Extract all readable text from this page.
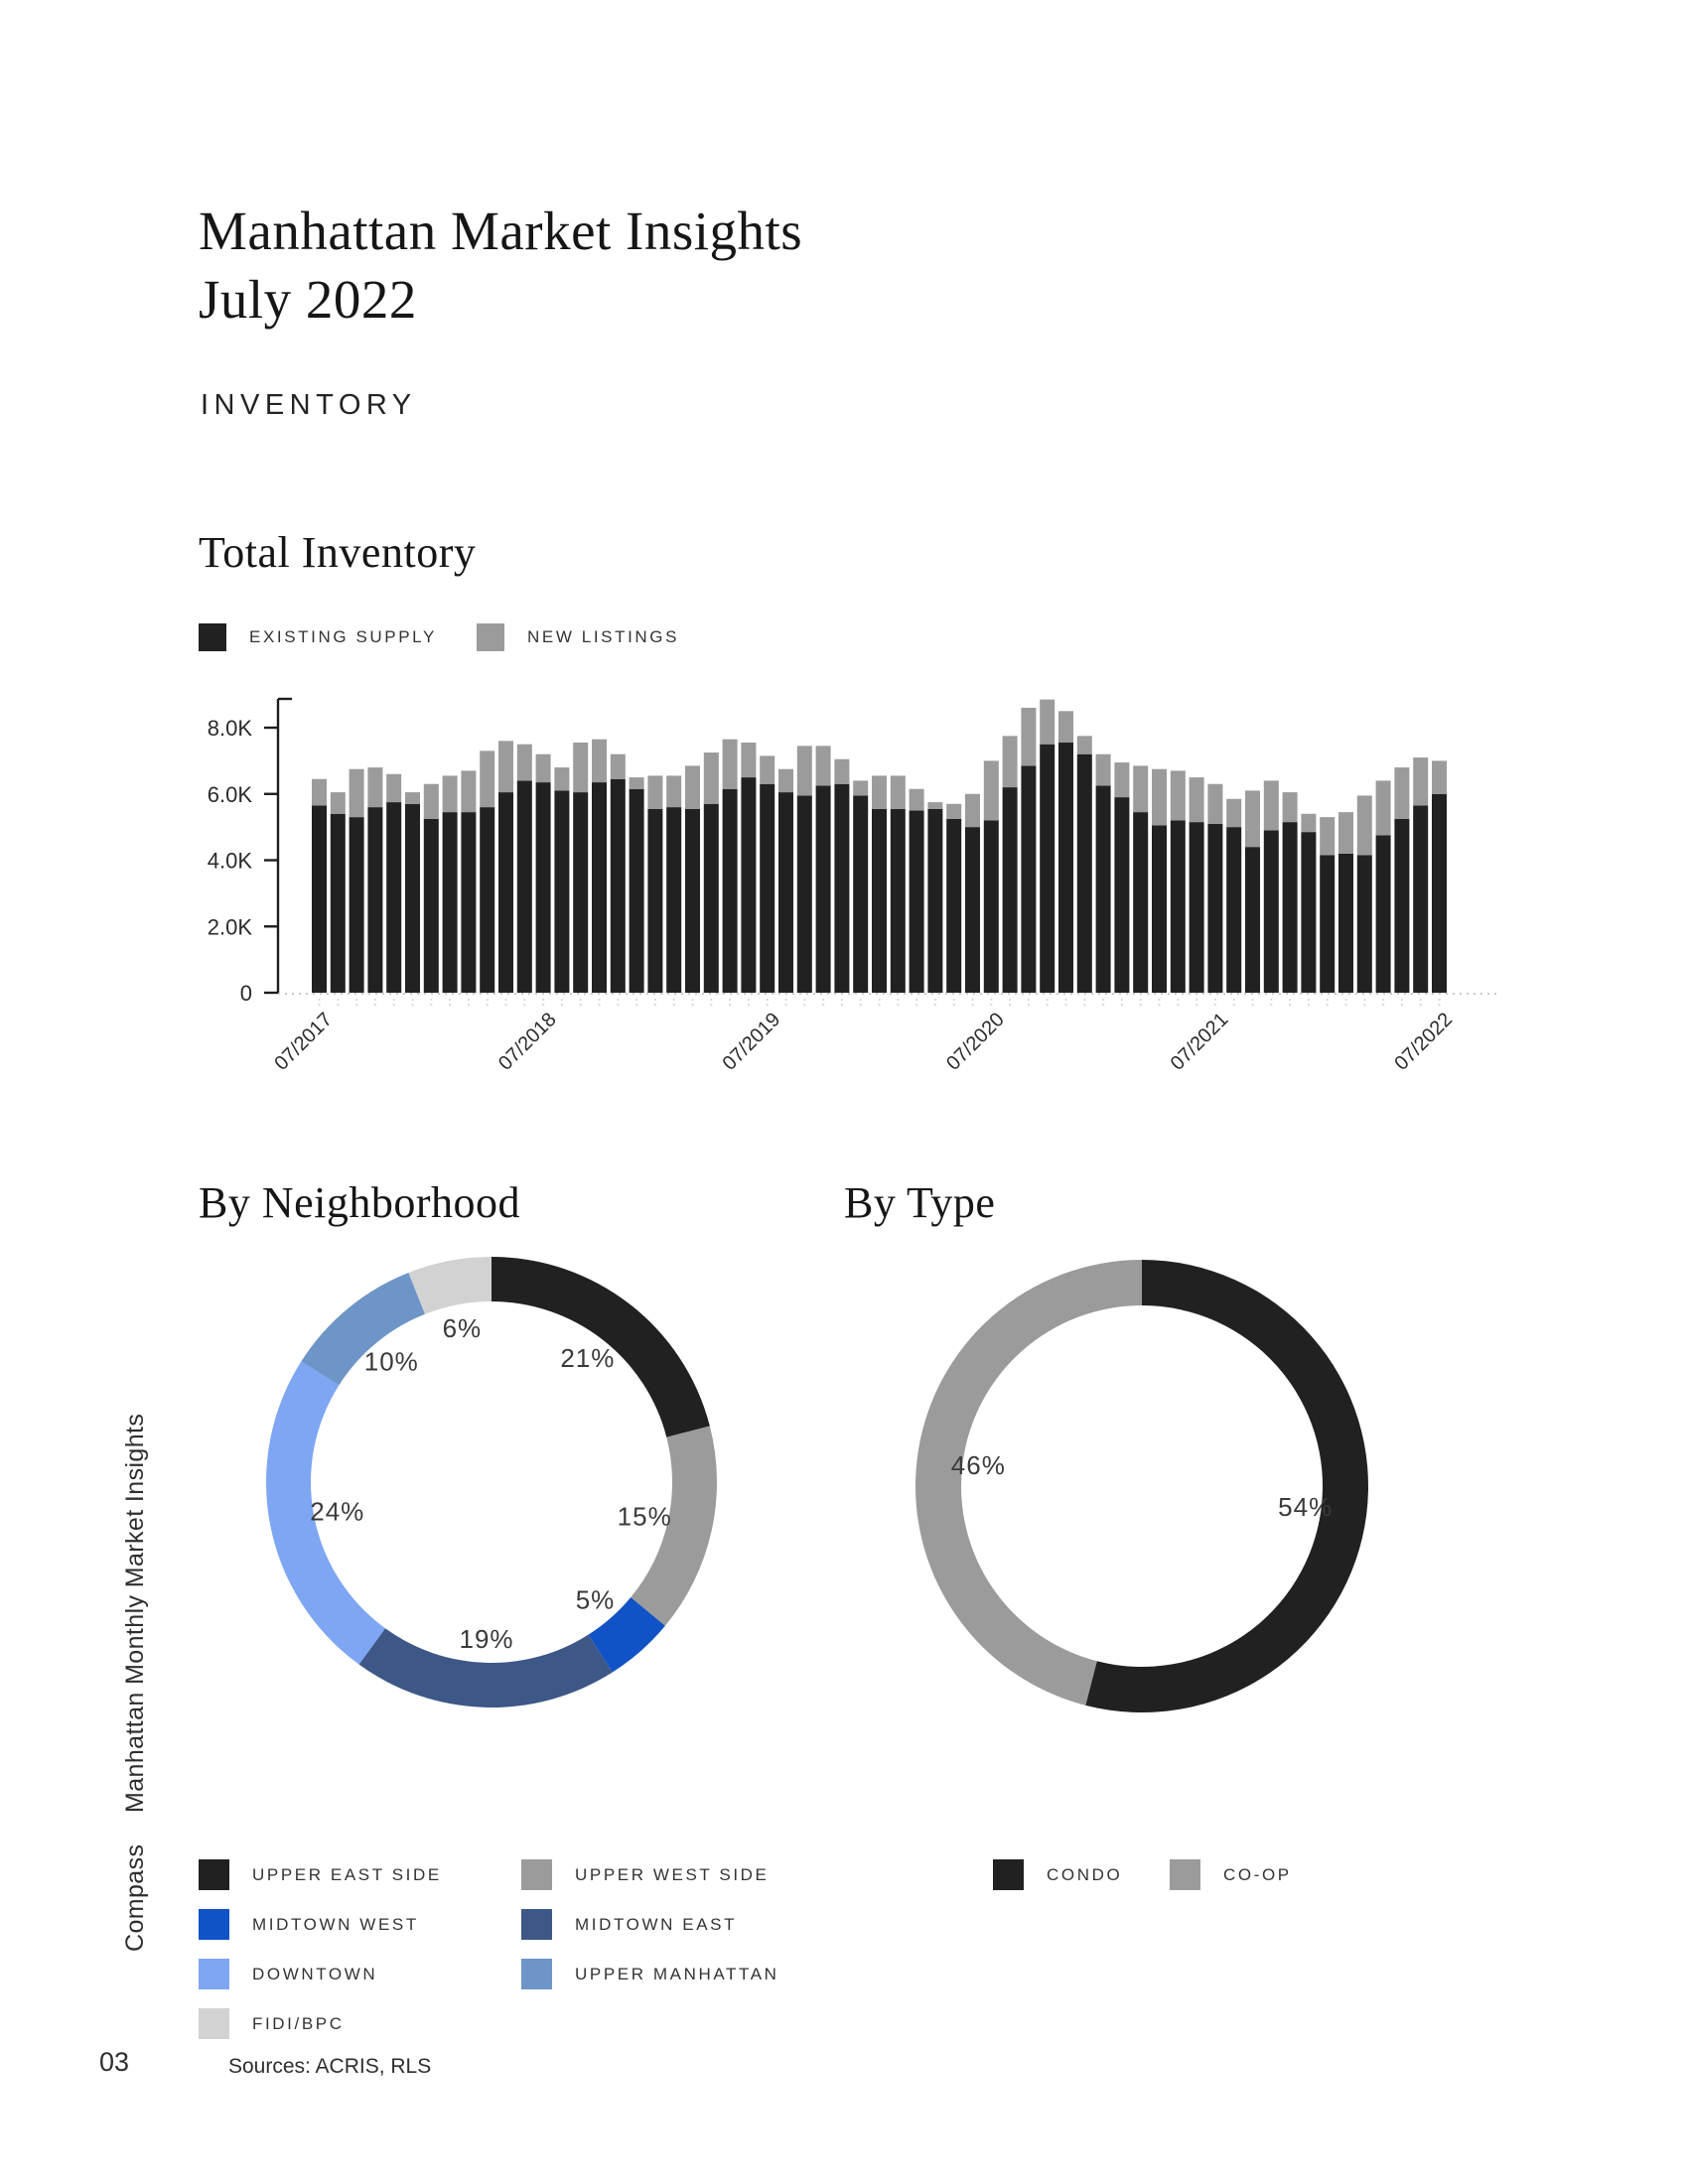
Manhattan Market Insights
July 2022
INVENTORY
Total Inventory
EXISTING SUPPLY	NEW LISTINGS
0
2.0K
4.0K
6.0K
8.0K
07/2017	07/2018	07/2019	07/2020	07/2021	07/2022
By Neighborhood	By Type
21%
15%
5%
19%
24%
10%
6%
54%
46%
UPPER EAST SIDE
MIDTOWN WEST
DOWNTOWN
FIDI/BPC
UPPER WEST SIDE
MIDTOWN EAST
UPPER MANHATTAN
CONDO	CO-OP
Manhattan Monthly Market Insights
Compass
03	Sources: ACRIS, RLS
